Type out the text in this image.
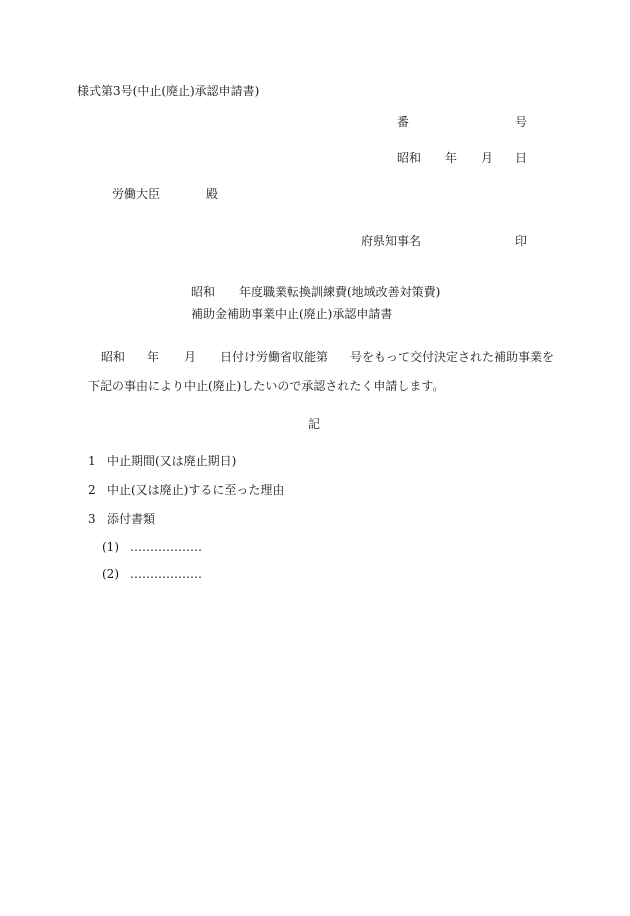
様式第3号(中止(廃止)承認申請書)
番	号
昭和 年 月 日
労働大臣	殿
府県知事名	印
昭和 年度職業転換訓練費(地域改善対策費)
補助金補助事業中止(廃止)承認申請書
昭和 年 月 日付け労働省収能第 号をもって交付決定された補助事業を
下記の事由により中止(廃止)したいので承認されたく申請します。
記
1 中止期間(又は廃止期日)
2 中止(又は廃止)するに至った理由
3 添付書類
(1) ………………
(2) ………………
